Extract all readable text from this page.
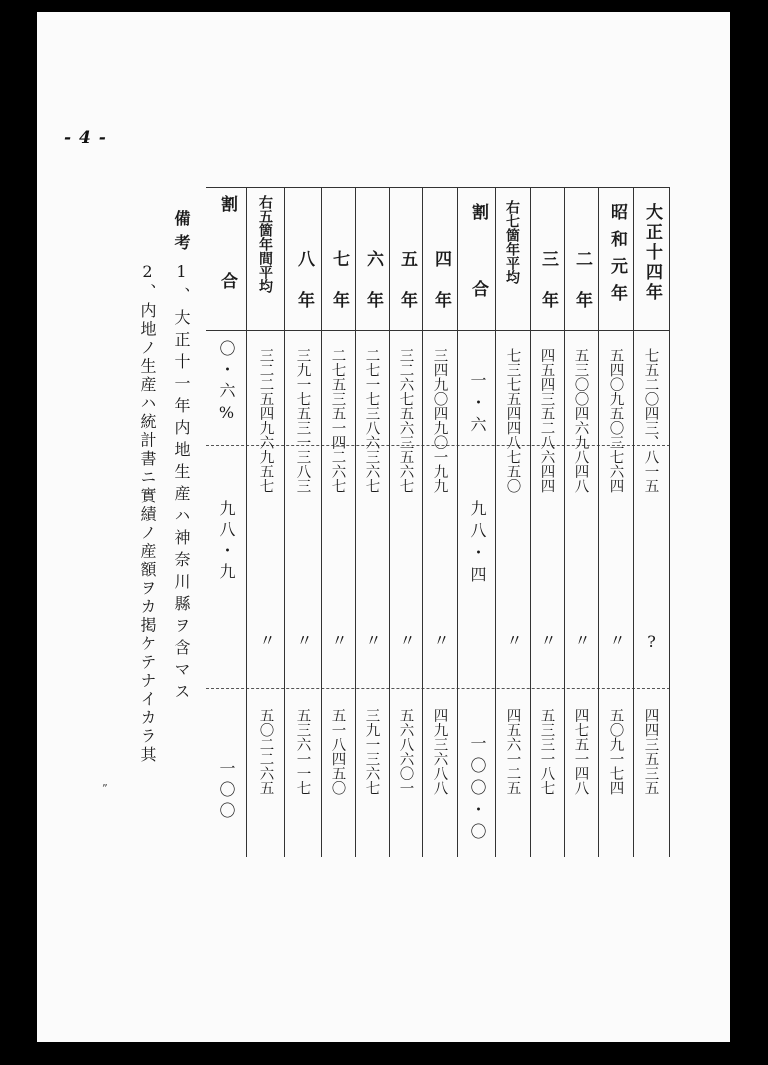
- 4 -
大正十四年
七五二〇四三、八一五
?
四四三五三五
昭和元年
五四〇九五〇三七六四
〃
五〇九一七四
二年
五三〇〇四六九八四八
〃
四七五一四八
三年
四五四三五二八六四四
〃
五三三一八七
右七箇年平均
七三七五四四八七五〇
〃
四五六一二五
割合
一・六
九八・四
一〇〇・〇
四年
三四九〇四九〇一九九
〃
四九三六八八
五年
三二六七五六三五六七
〃
五六八六〇一
六年
二七一七三八六三六七
〃
三九一三六七
七年
二七五三五一四二六七
〃
五一八四五〇
八年
三九一七五三一三八三
〃
五三六一一七
右五箇年間平均
三二二五四九六九五七
〃
五〇二二六五
割合
〇・六%
九八・九
一〇〇
備考
1、大正十一年内地生産ハ神奈川縣ヲ含マス
2、内地ノ生産ハ統計書ニ實績ノ産額ヲカ掲ケテナイカラ其
”
